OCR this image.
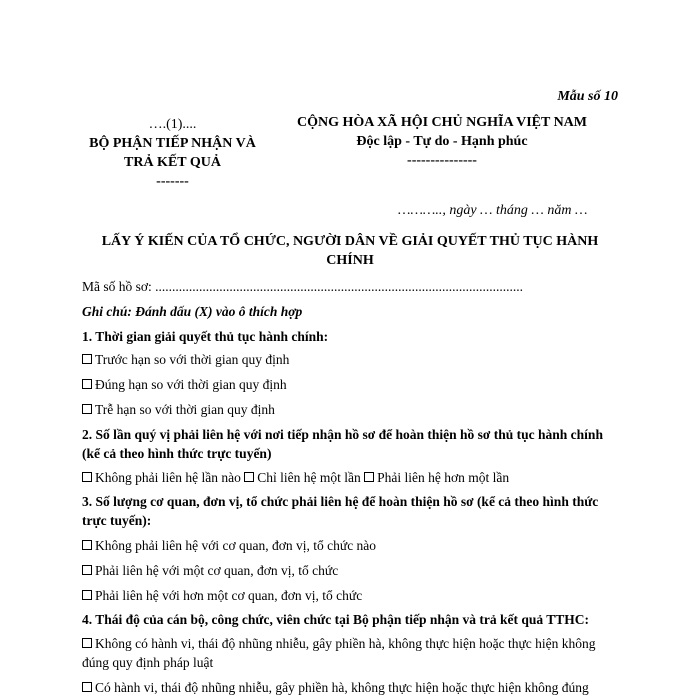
Mẫu số 10
….(1)....
BỘ PHẬN TIẾP NHẬN VÀ
TRẢ KẾT QUẢ
-------
CỘNG HÒA XÃ HỘI CHỦ NGHĨA VIỆT NAM
Độc lập - Tự do - Hạnh phúc
---------------
……….., ngày … tháng … năm …
LẤY Ý KIẾN CỦA TỔ CHỨC, NGƯỜI DÂN VỀ GIẢI QUYẾT THỦ TỤC HÀNH
CHÍNH
Mã số hồ sơ: .............................................................................................................
Ghi chú: Đánh dấu (X) vào ô thích hợp
1. Thời gian giải quyết thủ tục hành chính:
Trước hạn so với thời gian quy định
Đúng hạn so với thời gian quy định
Trễ hạn so với thời gian quy định
2. Số lần quý vị phải liên hệ với nơi tiếp nhận hồ sơ để hoàn thiện hồ sơ thủ tục hành chính
(kể cả theo hình thức trực tuyến)
Không phải liên hệ lần nào Chỉ liên hệ một lần Phải liên hệ hơn một lần
3. Số lượng cơ quan, đơn vị, tổ chức phải liên hệ để hoàn thiện hồ sơ (kể cả theo hình thức
trực tuyến):
Không phải liên hệ với cơ quan, đơn vị, tổ chức nào
Phải liên hệ với một cơ quan, đơn vị, tổ chức
Phải liên hệ với hơn một cơ quan, đơn vị, tổ chức
4. Thái độ của cán bộ, công chức, viên chức tại Bộ phận tiếp nhận và trả kết quả TTHC:
Không có hành vi, thái độ nhũng nhiễu, gây phiền hà, không thực hiện hoặc thực hiện không
đúng quy định pháp luật
Có hành vi, thái độ nhũng nhiễu, gây phiền hà, không thực hiện hoặc thực hiện không đúng
